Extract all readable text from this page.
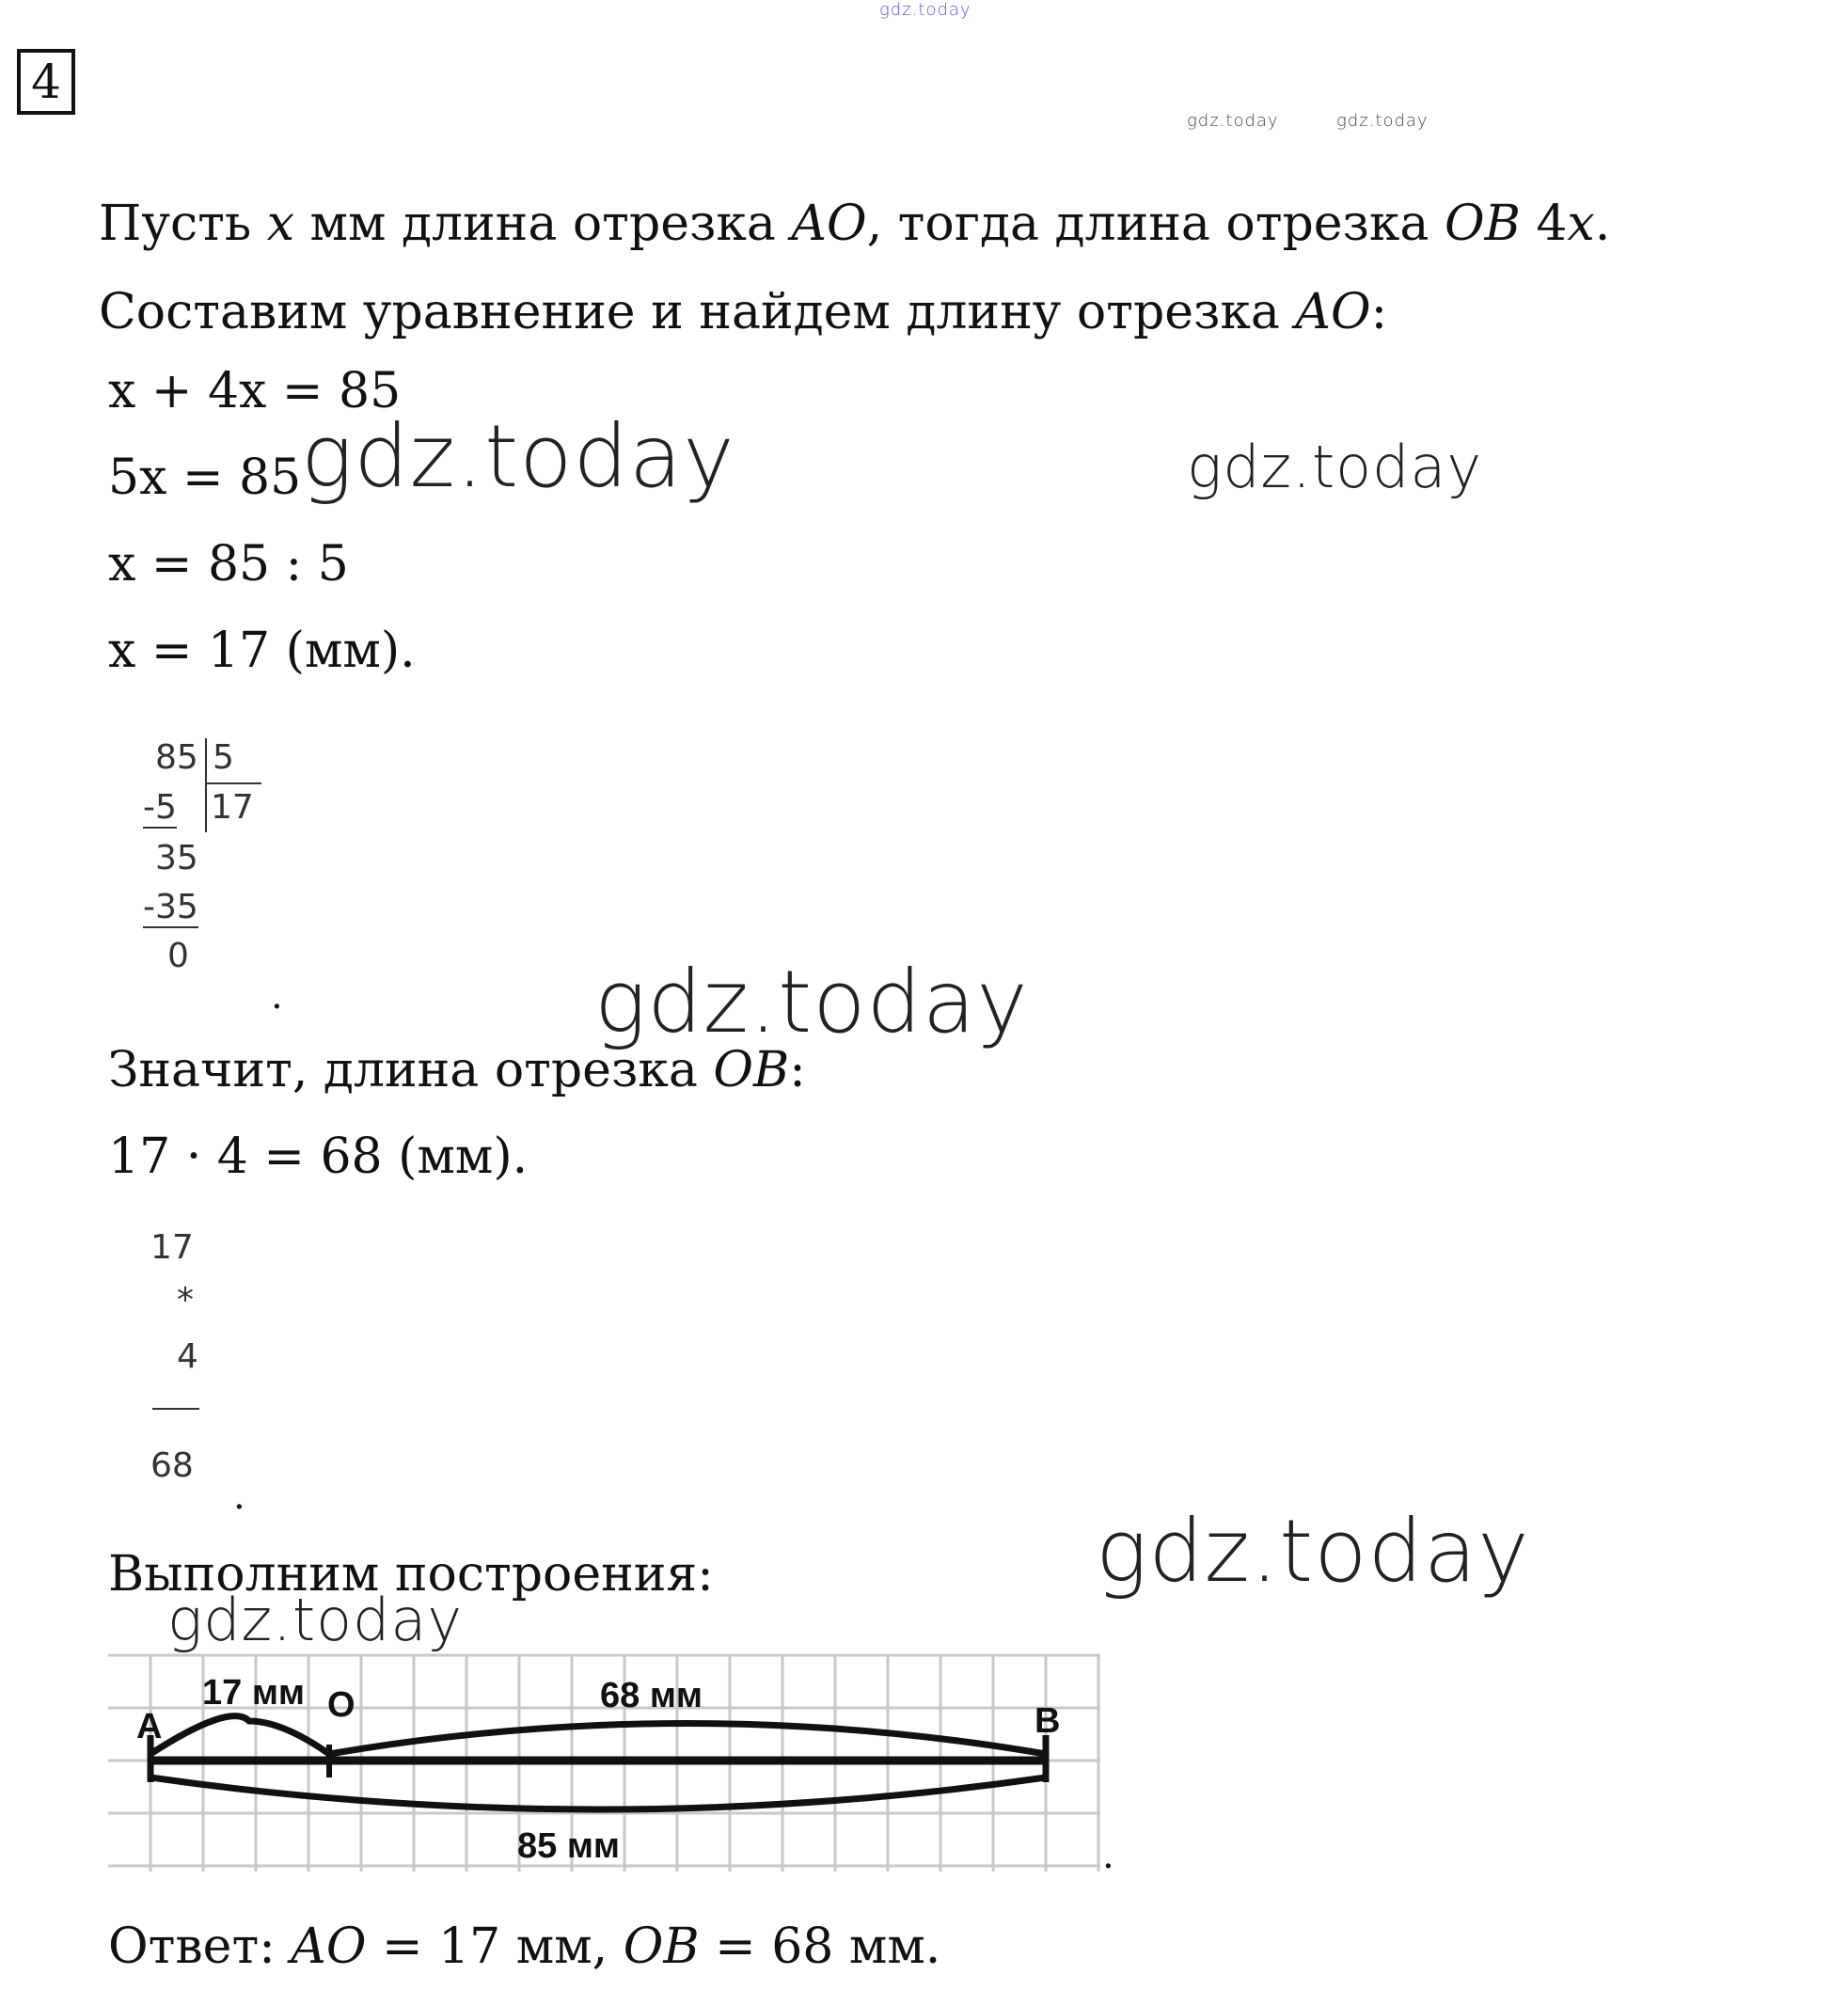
gdz.today
gdz.today	gdz.today
gdz.today	gdz.today
gdz.today
gdz.today
gdz.today
4
Пусть x мм длина отрезка AO, тогда длина отрезка OB 4x.
Составим уравнение и найдем длину отрезка AO:
x + 4x = 85
5x = 85
x = 85 : 5
x = 17 (мм).
85 5
-5 17
35
-35
0
.
Значит, длина отрезка OB:
17 · 4 = 68 (мм).
17
*
4
68
.
Выполним построения:
A
O	B
17 мм	68 мм
85 мм	.
Ответ: AO = 17 мм, OB = 68 мм.
